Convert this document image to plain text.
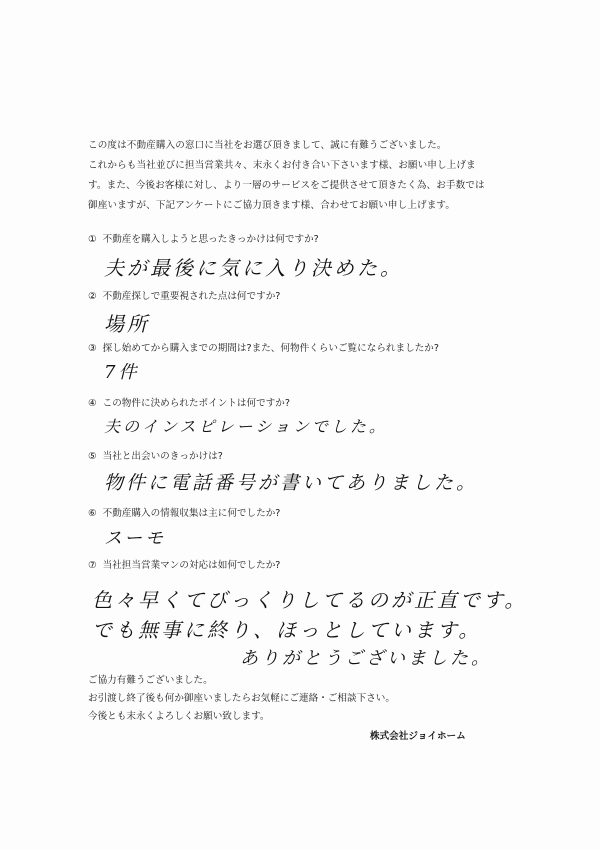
この度は不動産購入の窓口に当社をお選び頂きまして、誠に有難うございました。

これからも当社並びに担当営業共々、末永くお付き合い下さいます様、お願い申し上げま

す。また、今後お客様に対し、より一層のサービスをご提供させて頂きたく為、お手数では

御座いますが、下記アンケートにご協力頂きます様、合わせてお願い申し上げます。

① 不動産を購入しようと思ったきっかけは何ですか?
夫が最後に気に入り決めた。
② 不動産探しで重要視された点は何ですか?
場所
③ 探し始めてから購入までの期間は?また、何物件くらいご覧になられましたか?
7件
④ この物件に決められたポイントは何ですか?
夫のインスピレーションでした。
⑤ 当社と出会いのきっかけは?
物件に電話番号が書いてありました。
⑥ 不動産購入の情報収集は主に何でしたか?
スーモ
⑦ 当社担当営業マンの対応は如何でしたか?
色々早くてびっくりしてるのが正直です。
でも無事に終り、ほっとしています。
ありがとうございました。

ご協力有難うございました。

お引渡し終了後も何か御座いましたらお気軽にご連絡・ご相談下さい。

今後とも末永くよろしくお願い致します。

株式会社ジョイホーム
